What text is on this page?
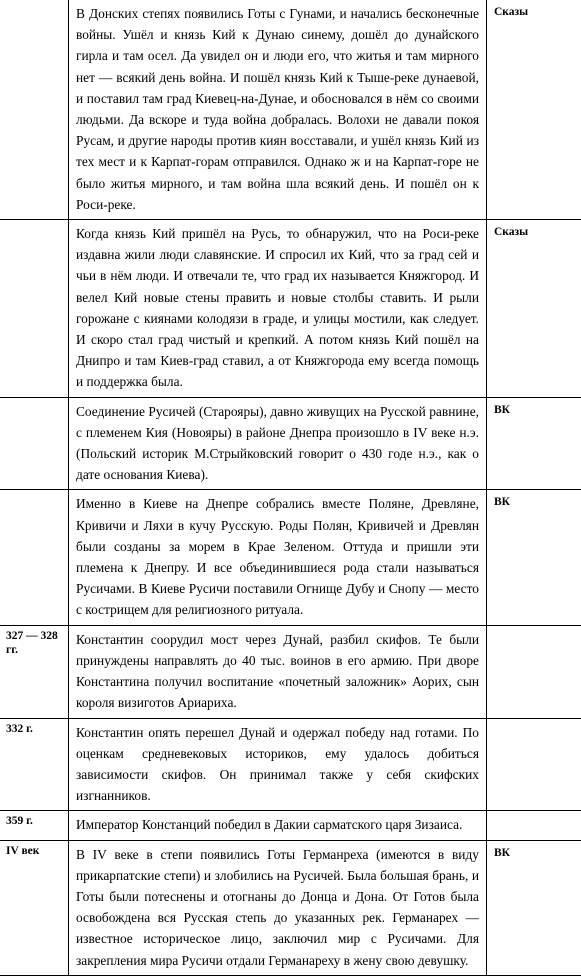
	В Донских степях появились Готы с Гунами, и начались бесконечные войны. Ушёл и князь Кий к Дунаю синему, дошёл до дунайского гирла и там осел. Да увидел он и люди его, что житья и там мирного нет — всякий день война. И пошёл князь Кий к Тыше-реке дунаевой, и поставил там град Киевец-на-Дунае, и обосновался в нём со своими людьми. Да вскоре и туда война добралась. Волохи не давали покоя Русам, и другие народы против киян восставали, и ушёл князь Кий из тех мест и к Карпат-горам отправился. Однако ж и на Карпат-горе не было житья мирного, и там война шла всякий день. И пошёл он к Роси-реке.	Сказы
	Когда князь Кий пришёл на Русь, то обнаружил, что на Роси-реке издавна жили люди славянские. И спросил их Кий, что за град сей и чьи в нём люди. И отвечали те, что град их называется Княжгород. И велел Кий новые стены править и новые столбы ставить. И рыли горожане с киянами колодязи в граде, и улицы мостили, как следует. И скоро стал град чистый и крепкий. А потом князь Кий пошёл на Днипро и там Киев-град ставил, а от Княжгорода ему всегда помощь и поддержка была.	Сказы
	Соединение Русичей (Старояры), давно живущих на Русской равнине, с племенем Кия (Новояры) в районе Днепра произошло в IV веке н.э. (Польский историк М.Стрыйковский говорит о 430 годе н.э., как о дате основания Киева).	ВК
	Именно в Киеве на Днепре собрались вместе Поляне, Древляне, Кривичи и Ляхи в кучу Русскую. Роды Полян, Кривичей и Древлян были созданы за морем в Крае Зеленом. Оттуда и пришли эти племена к Днепру. И все объединившиеся рода стали называться Русичами. В Киеве Русичи поставили Огнище Дубу и Снопу — место с кострищем для религиозного ритуала.	ВК
327 — 328 гг.	Константин соорудил мост через Дунай, разбил скифов. Те были принуждены направлять до 40 тыс. воинов в его армию. При дворе Константина получил воспитание «почетный заложник» Аорих, сын короля визиготов Ариариха.	
332 г.	Константин опять перешел Дунай и одержал победу над готами. По оценкам средневековых историков, ему удалось добиться зависимости скифов. Он принимал также у себя скифских изгнанников.	
359 г.	Император Констанций победил в Дакии сарматского царя Зизаиса.	
IV век	В IV веке в степи появились Готы Германреха (имеются в виду прикарпатские степи) и злобились на Русичей. Была большая брань, и Готы были потеснены и отогнаны до Донца и Дона. От Готов была освобождена вся Русская степь до указанных рек. Германарех — известное историческое лицо, заключил мир с Русичами. Для закрепления мира Русичи отдали Германареху в жену свою девушку.	ВК
